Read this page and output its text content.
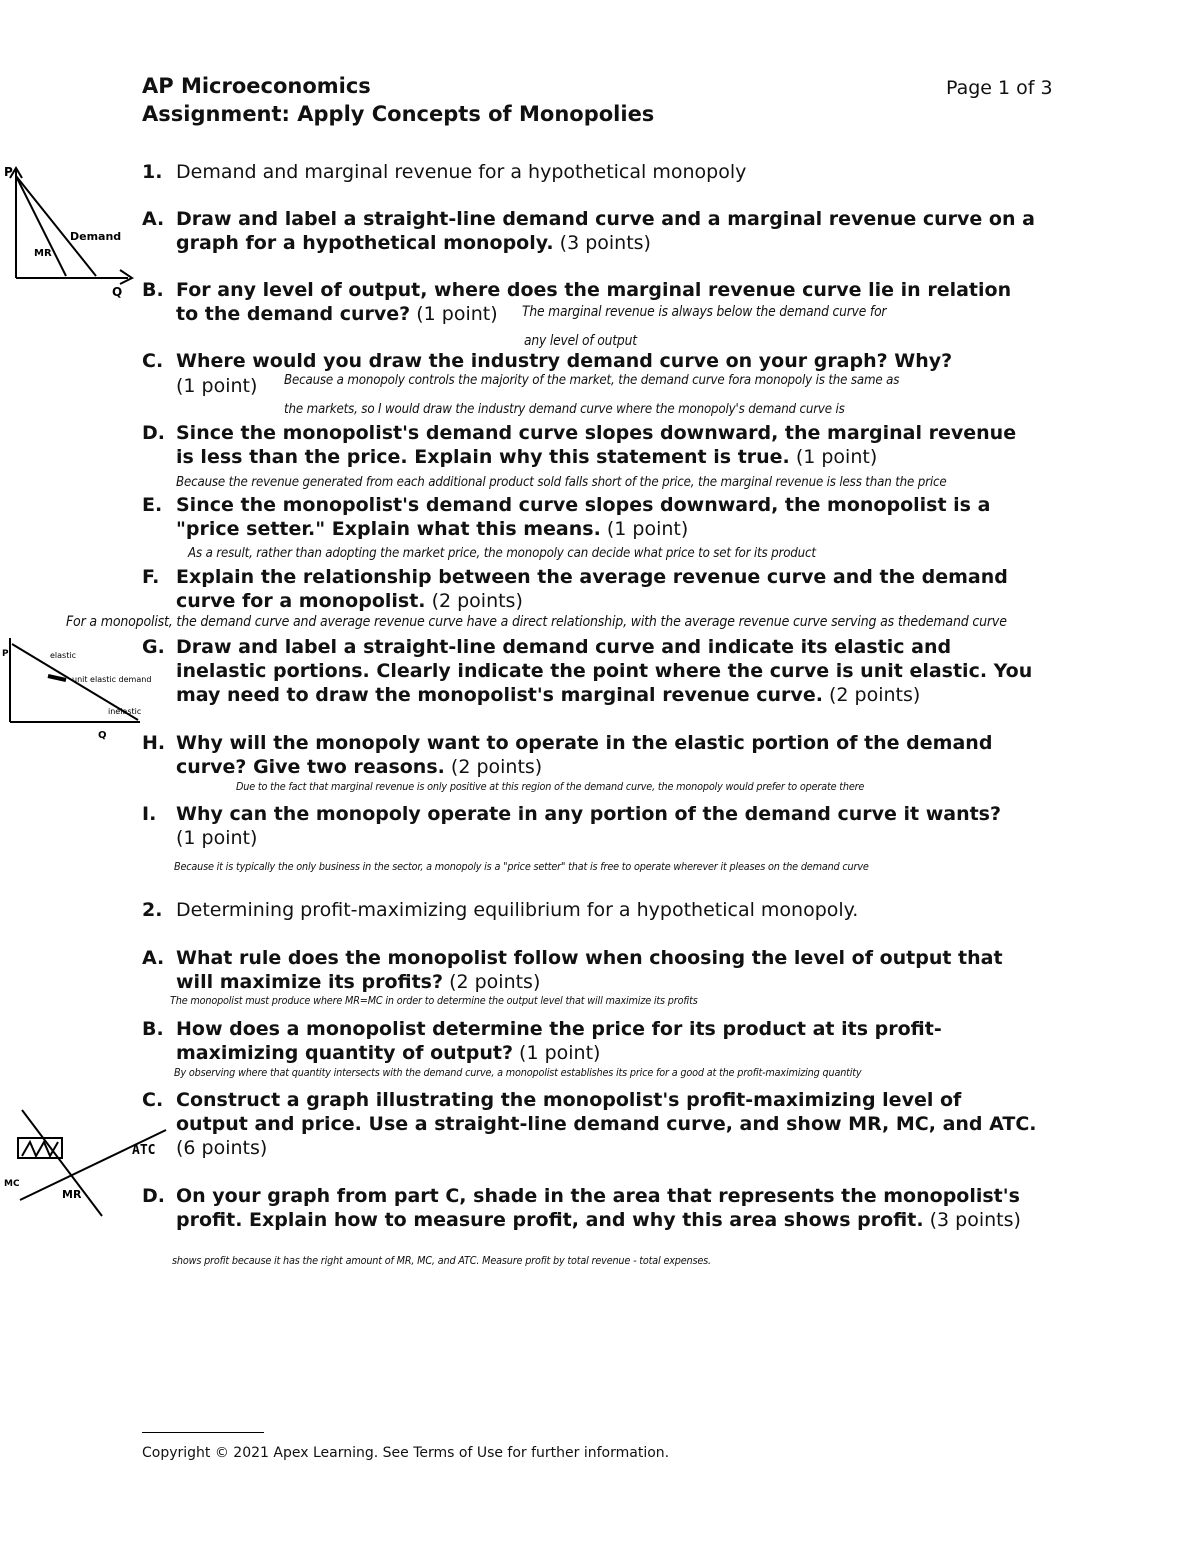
AP Microeconomics
Assignment: Apply Concepts of Monopolies
Page 1 of 3
1. Demand and marginal revenue for a hypothetical monopoly
A. Draw and label a straight-line demand curve and a marginal revenue curve on a
graph for a hypothetical monopoly. (3 points)
B. For any level of output, where does the marginal revenue curve lie in relation
to the demand curve? (1 point) The marginal revenue is always below the demand curve for
any level of output
C. Where would you draw the industry demand curve on your graph? Why?
(1 point) Because a monopoly controls the majority of the market, the demand curve fora monopoly is the same as
the markets, so I would draw the industry demand curve where the monopoly's demand curve is
D. Since the monopolist's demand curve slopes downward, the marginal revenue
is less than the price. Explain why this statement is true. (1 point)
Because the revenue generated from each additional product sold falls short of the price, the marginal revenue is less than the price
E. Since the monopolist's demand curve slopes downward, the monopolist is a
"price setter." Explain what this means. (1 point)
As a result, rather than adopting the market price, the monopoly can decide what price to set for its product
F. Explain the relationship between the average revenue curve and the demand
curve for a monopolist. (2 points)
For a monopolist, the demand curve and average revenue curve have a direct relationship, with the average revenue curve serving as thedemand curve
G. Draw and label a straight-line demand curve and indicate its elastic and
inelastic portions. Clearly indicate the point where the curve is unit elastic. You
may need to draw the monopolist's marginal revenue curve. (2 points)
H. Why will the monopoly want to operate in the elastic portion of the demand
curve? Give two reasons. (2 points)
Due to the fact that marginal revenue is only positive at this region of the demand curve, the monopoly would prefer to operate there
I. Why can the monopoly operate in any portion of the demand curve it wants?
(1 point)
Because it is typically the only business in the sector, a monopoly is a "price setter" that is free to operate wherever it pleases on the demand curve
2. Determining profit-maximizing equilibrium for a hypothetical monopoly.
A. What rule does the monopolist follow when choosing the level of output that
will maximize its profits? (2 points)
The monopolist must produce where MR=MC in order to determine the output level that will maximize its profits
B. How does a monopolist determine the price for its product at its profit-
maximizing quantity of output? (1 point)
By observing where that quantity intersects with the demand curve, a monopolist establishes its price for a good at the profit-maximizing quantity
C. Construct a graph illustrating the monopolist's profit-maximizing level of
output and price. Use a straight-line demand curve, and show MR, MC, and ATC.
(6 points)
D. On your graph from part C, shade in the area that represents the monopolist's
profit. Explain how to measure profit, and why this area shows profit. (3 points)
shows profit because it has the right amount of MR, MC, and ATC. Measure profit by total revenue - total expenses.
P
Q
MR
Demand
P
Q
elastic
unit elastic demand
inelastic
ATC
MC
MR
Copyright © 2021 Apex Learning. See Terms of Use for further information.
